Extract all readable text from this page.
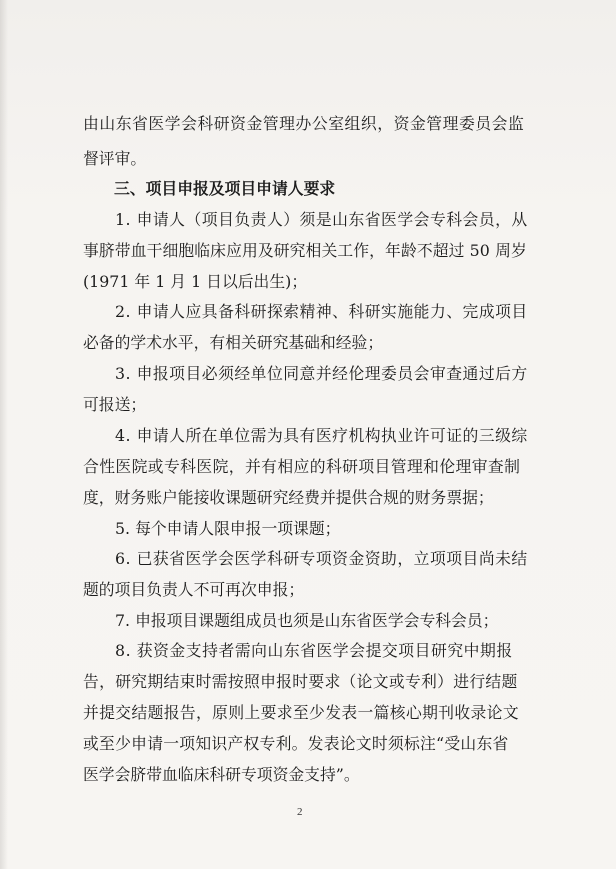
由山东省医学会科研资金管理办公室组织，资金管理委员会监
督评审。
三、项目申报及项目申请人要求
1. 申请人（项目负责人）须是山东省医学会专科会员，从
事脐带血干细胞临床应用及研究相关工作，年龄不超过 50 周岁
(1971 年 1 月 1 日以后出生)；
2. 申请人应具备科研探索精神、科研实施能力、完成项目
必备的学术水平，有相关研究基础和经验；
3. 申报项目必须经单位同意并经伦理委员会审查通过后方
可报送；
4. 申请人所在单位需为具有医疗机构执业许可证的三级综
合性医院或专科医院，并有相应的科研项目管理和伦理审查制
度，财务账户能接收课题研究经费并提供合规的财务票据；
5. 每个申请人限申报一项课题；
6. 已获省医学会医学科研专项资金资助，立项项目尚未结
题的项目负责人不可再次申报；
7. 申报项目课题组成员也须是山东省医学会专科会员；
8. 获资金支持者需向山东省医学会提交项目研究中期报
告，研究期结束时需按照申报时要求（论文或专利）进行结题
并提交结题报告，原则上要求至少发表一篇核心期刊收录论文
或至少申请一项知识产权专利。发表论文时须标注“受山东省
医学会脐带血临床科研专项资金支持”。
2
